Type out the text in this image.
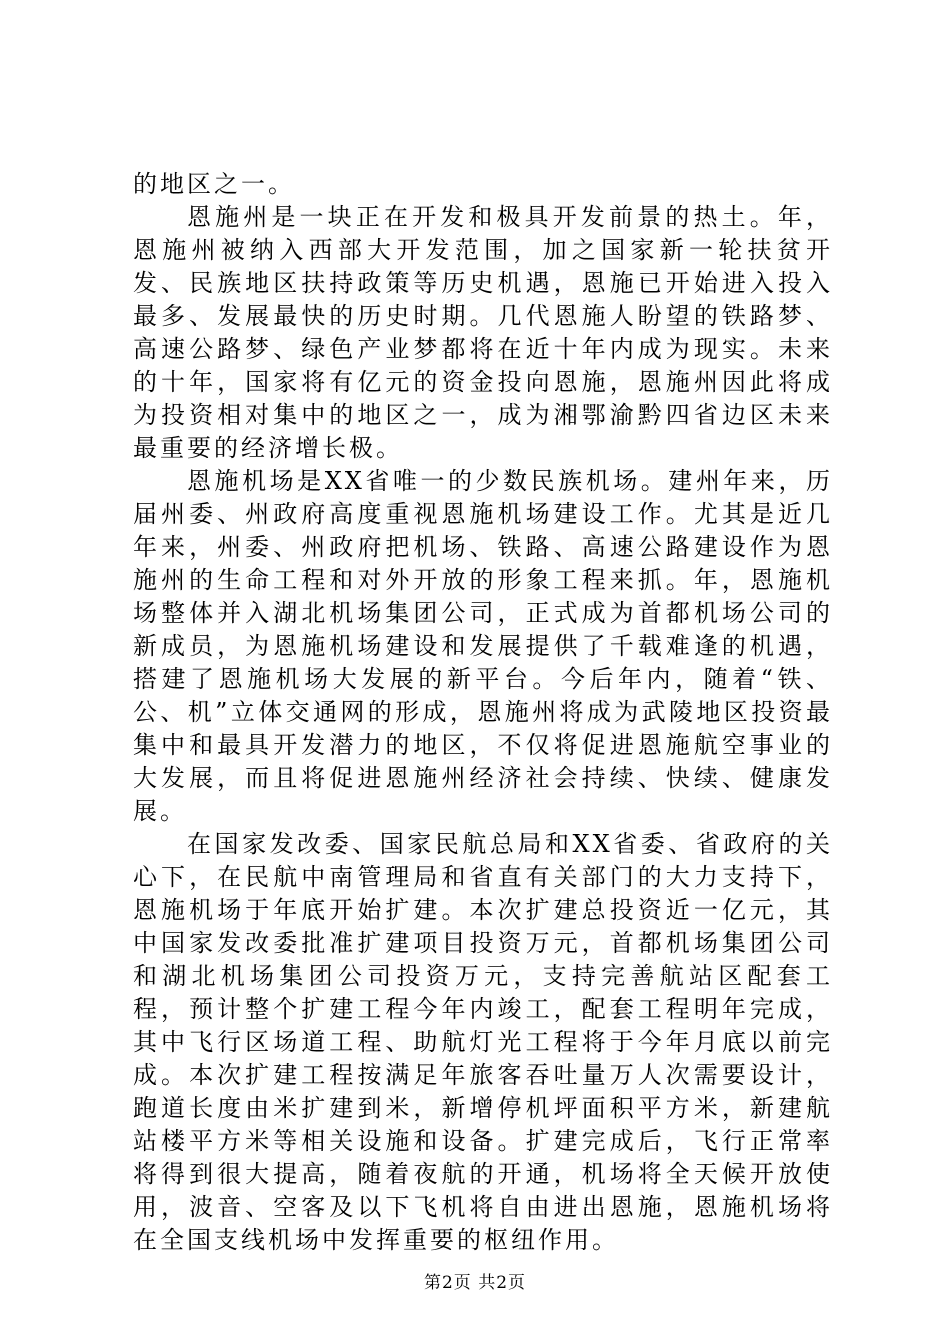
的地区之一。

恩施州是一块正在开发和极具开发前景的热土。年，恩施州被纳入西部大开发范围，加之国家新一轮扶贫开发、民族地区扶持政策等历史机遇，恩施已开始进入投入最多、发展最快的历史时期。几代恩施人盼望的铁路梦、高速公路梦、绿色产业梦都将在近十年内成为现实。未来的十年，国家将有亿元的资金投向恩施，恩施州因此将成为投资相对集中的地区之一，成为湘鄂渝黔四省边区未来最重要的经济增长极。

恩施机场是XX省唯一的少数民族机场。建州年来，历届州委、州政府高度重视恩施机场建设工作。尤其是近几年来，州委、州政府把机场、铁路、高速公路建设作为恩施州的生命工程和对外开放的形象工程来抓。年，恩施机场整体并入湖北机场集团公司，正式成为首都机场公司的新成员，为恩施机场建设和发展提供了千载难逢的机遇，搭建了恩施机场大发展的新平台。今后年内，随着“铁、公、机”立体交通网的形成，恩施州将成为武陵地区投资最集中和最具开发潜力的地区，不仅将促进恩施航空事业的大发展，而且将促进恩施州经济社会持续、快续、健康发展。

在国家发改委、国家民航总局和XX省委、省政府的关心下，在民航中南管理局和省直有关部门的大力支持下，恩施机场于年底开始扩建。本次扩建总投资近一亿元，其中国家发改委批准扩建项目投资万元，首都机场集团公司和湖北机场集团公司投资万元，支持完善航站区配套工程，预计整个扩建工程今年内竣工，配套工程明年完成，其中飞行区场道工程、助航灯光工程将于今年月底以前完成。本次扩建工程按满足年旅客吞吐量万人次需要设计，跑道长度由米扩建到米，新增停机坪面积平方米，新建航站楼平方米等相关设施和设备。扩建完成后，飞行正常率将得到很大提高，随着夜航的开通，机场将全天候开放使用，波音、空客及以下飞机将自由进出恩施，恩施机场将在全国支线机场中发挥重要的枢纽作用。

第2页 共2页
